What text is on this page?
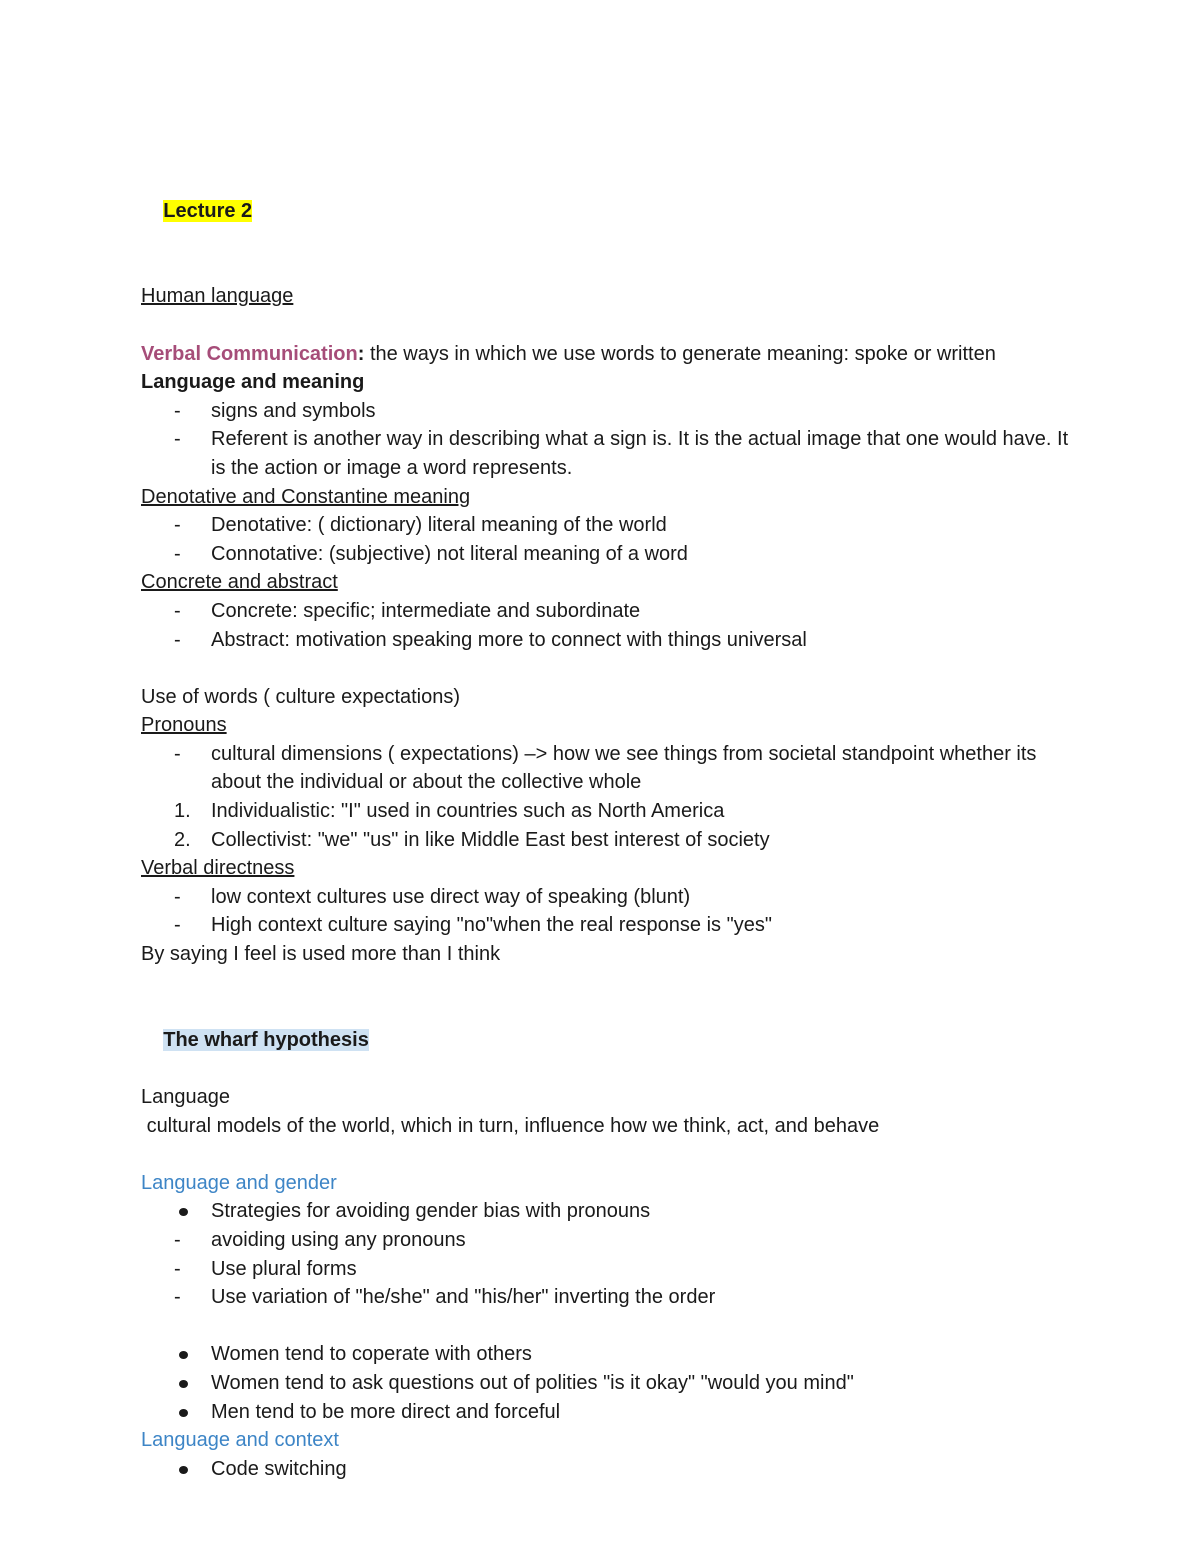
Lecture 2

Human language
Verbal Communication: the ways in which we use words to generate meaning: spoke or written
Language and meaning
-	signs and symbols
-	Referent is another way in describing what a sign is. It is the actual image that one would have. It is the action or image a word represents.
Denotative and Constantine meaning
-	Denotative: ( dictionary) literal meaning of the world
-	Connotative: (subjective) not literal meaning of a word
Concrete and abstract
-	Concrete: specific; intermediate and subordinate
-	Abstract: motivation speaking more to connect with things universal
Use of words ( culture expectations)
Pronouns
-	cultural dimensions ( expectations) –> how we see things from societal standpoint whether its about the individual or about the collective whole
1. Individualistic: "I" used in countries such as North America
2. Collectivist: "we" "us" in like Middle East best interest of society
Verbal directness
-	low context cultures use direct way of speaking (blunt)
-	High context culture saying "no"when the real response is "yes"
By saying I feel is used more than I think

The wharf hypothesis

Language
cultural models of the world, which in turn, influence how we think, act, and behave
Language and gender
Strategies for avoiding gender bias with pronouns
-	avoiding using any pronouns
-	Use plural forms
-	Use variation of "he/she" and "his/her" inverting the order
Women tend to coperate with others
Women tend to ask questions out of polities "is it okay" "would you mind"
Men tend to be more direct and forceful
Language and context
Code switching
